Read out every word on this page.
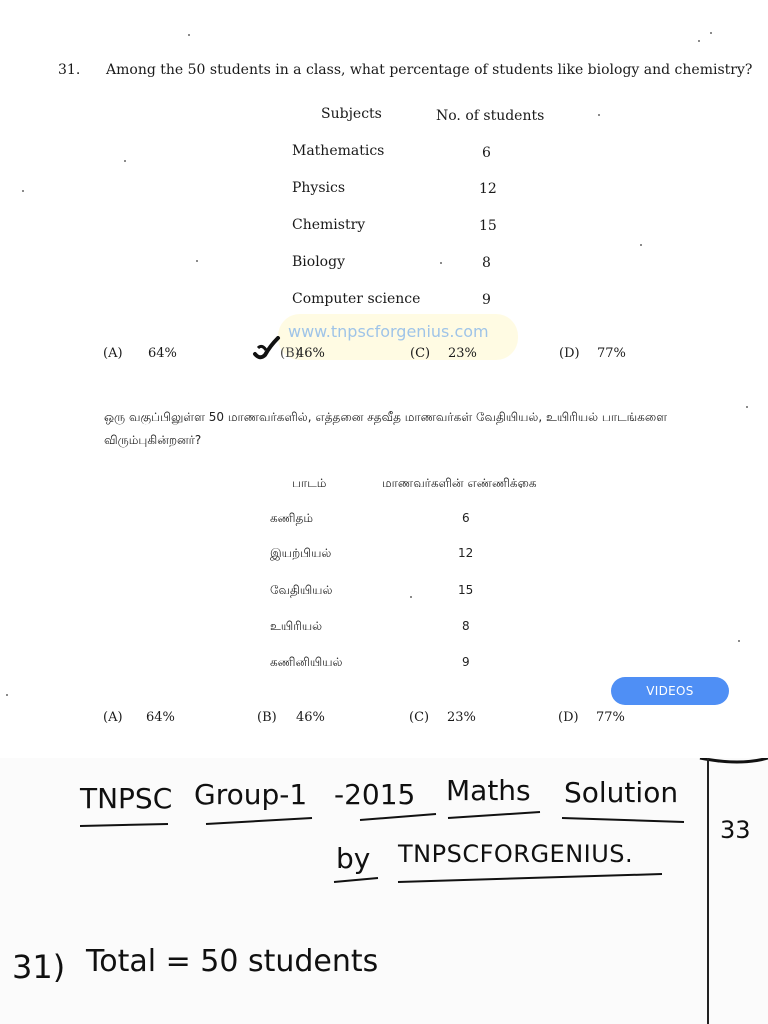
31. Among the 50 students in a class, what percentage of students like biology and chemistry?
Subjects	No. of students
Mathematics	6
Physics	12
Chemistry	15
Biology	8
Computer science	9
www.tnpscforgenius.com
(A) 64%	(B)
46%	(C) 23%	(D) 77%
ஒரு வகுப்பிலுள்ள 50 மாணவர்களில், எத்தனை சதவீத மாணவர்கள் வேதியியல், உயிரியல் பாடங்களை விரும்புகின்றனர்?
பாடம்	மாணவர்களின் எண்ணிக்கை
கணிதம்	6
இயற்பியல்	12
வேதியியல்	15
உயிரியல்	8
கணினியியல்	9
VIDEOS
(A) 64%	(B) 46%	(C) 23%	(D) 77%
TNPSC Group-1 -2015 Maths Solution
by TNPSCFORGENIUS.
33
31) Total = 50 students
